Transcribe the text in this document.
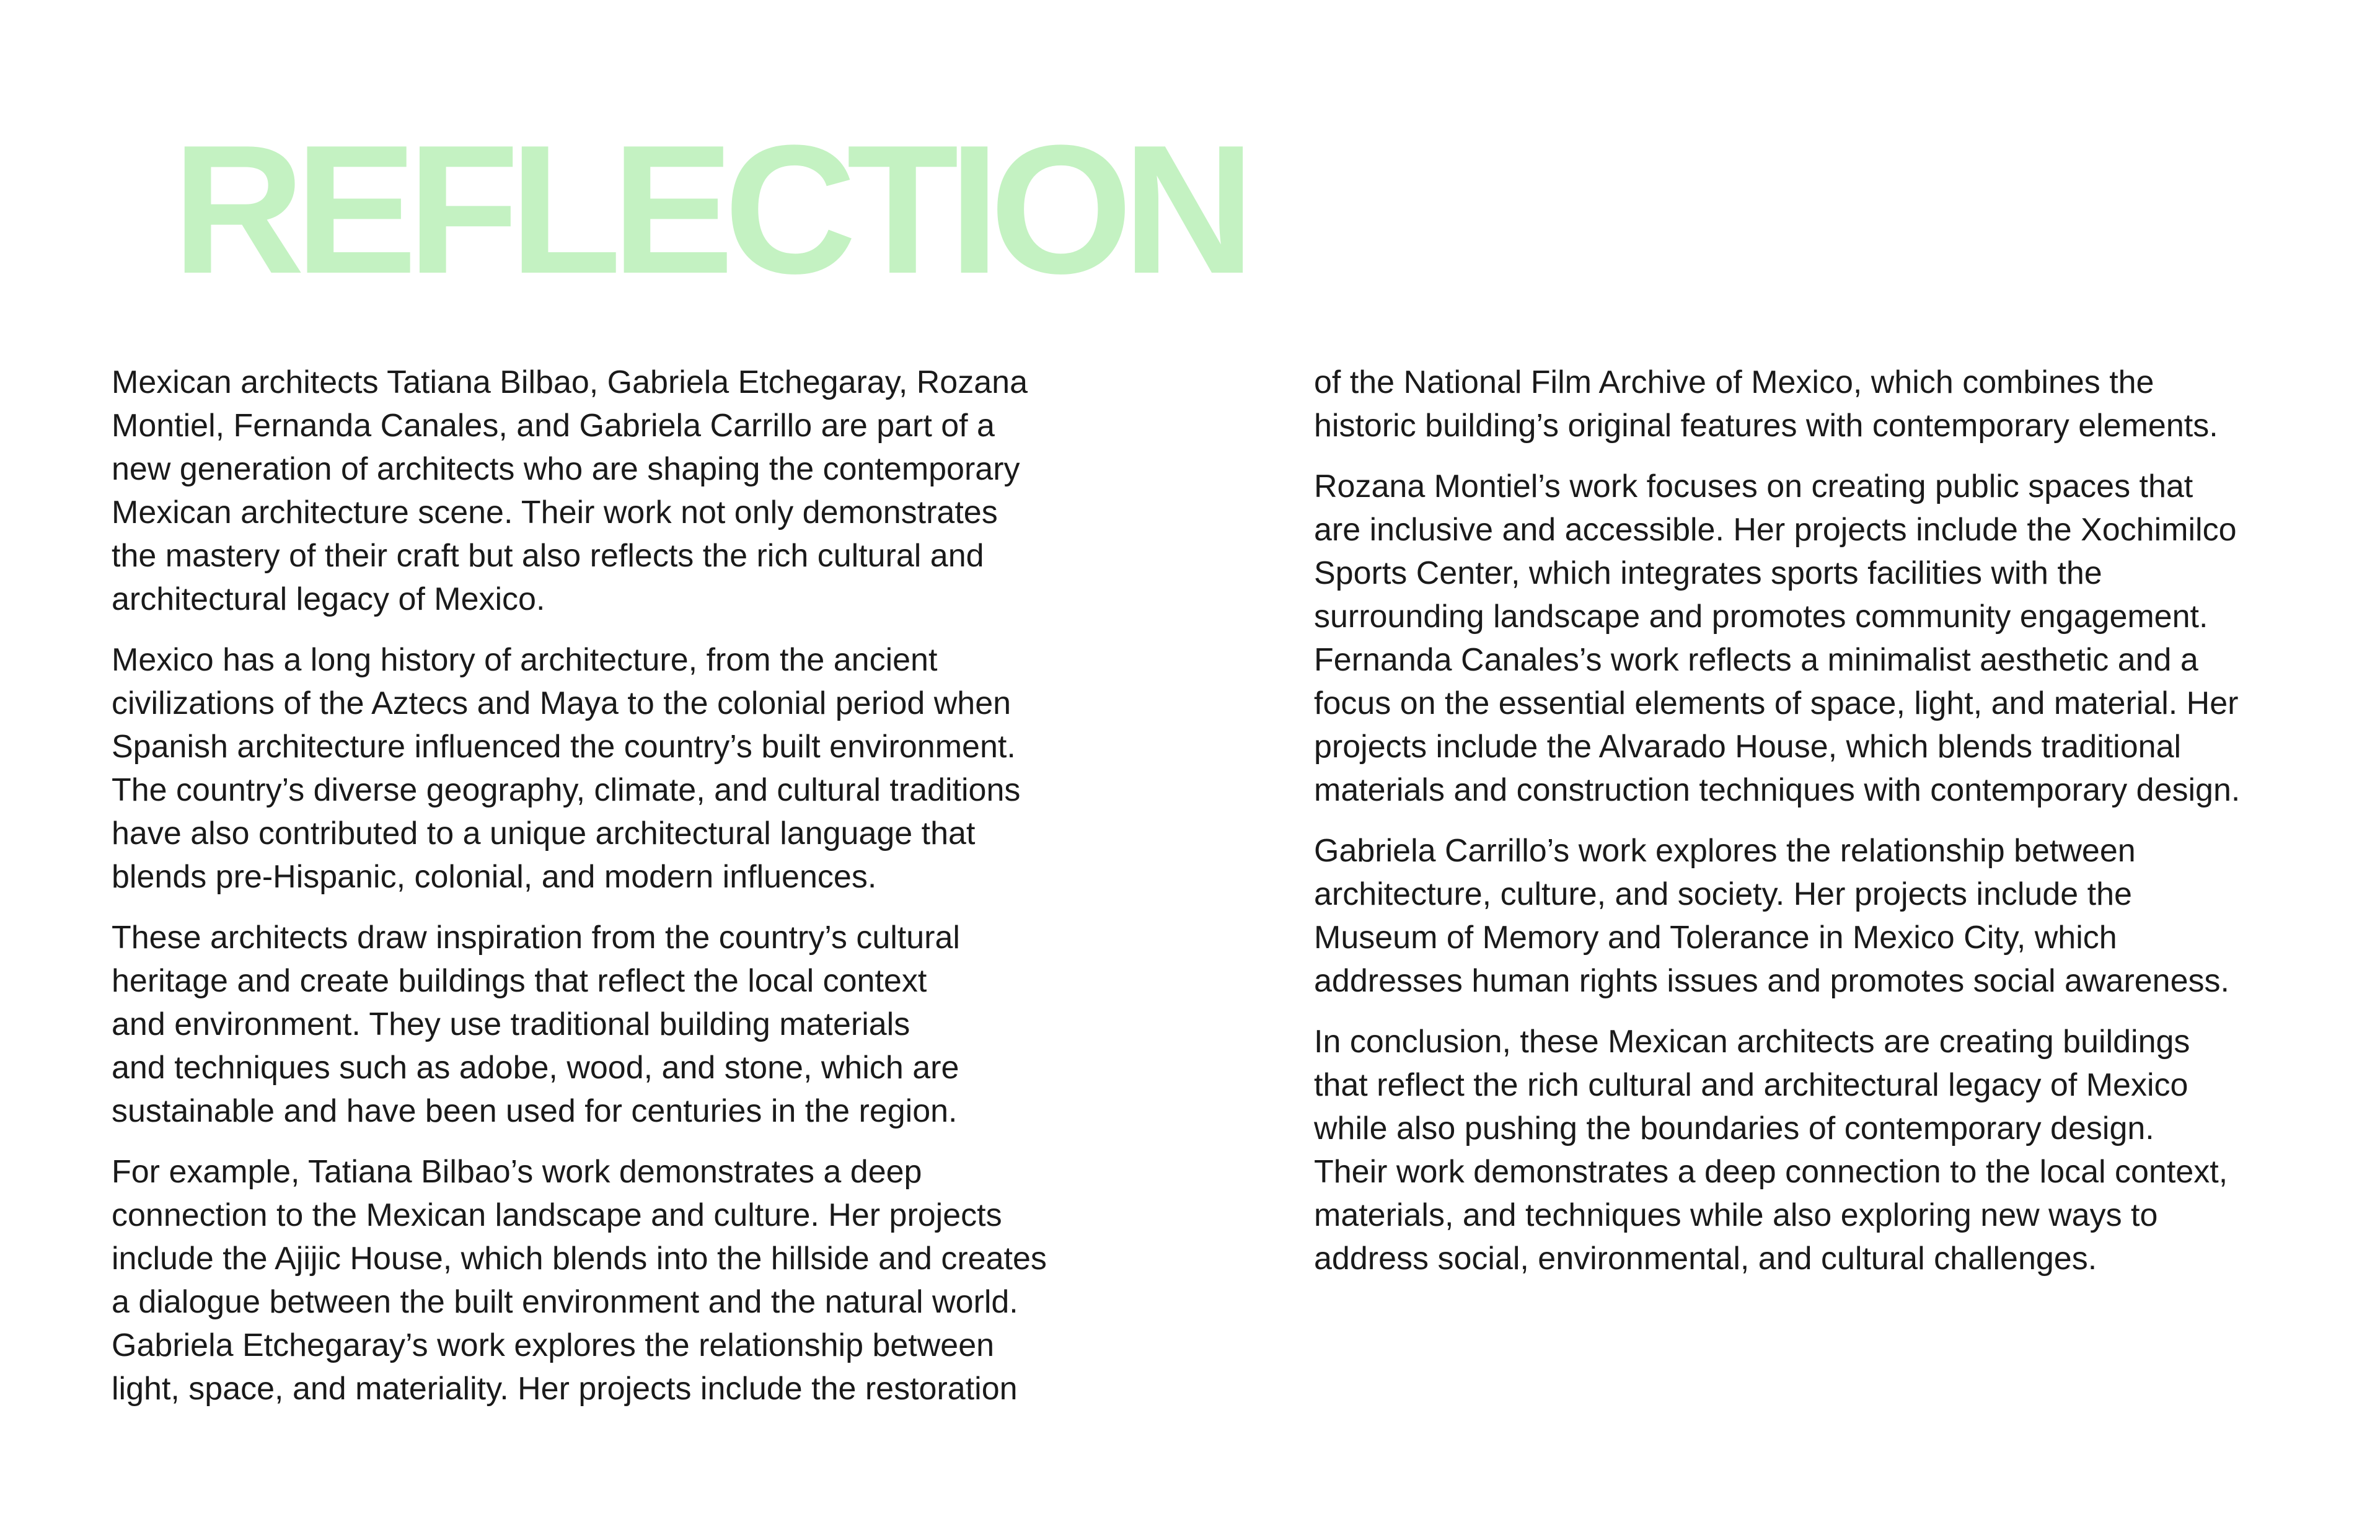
REFLECTION

Mexican architects Tatiana Bilbao, Gabriela Etchegaray, Rozana
Montiel, Fernanda Canales, and Gabriela Carrillo are part of a
new generation of architects who are shaping the contemporary
Mexican architecture scene. Their work not only demonstrates
the mastery of their craft but also reflects the rich cultural and
architectural legacy of Mexico.

Mexico has a long history of architecture, from the ancient
civilizations of the Aztecs and Maya to the colonial period when
Spanish architecture influenced the country’s built environment.
The country’s diverse geography, climate, and cultural traditions
have also contributed to a unique architectural language that
blends pre-Hispanic, colonial, and modern influences.

These architects draw inspiration from the country’s cultural
heritage and create buildings that reflect the local context
and environment. They use traditional building materials
and techniques such as adobe, wood, and stone, which are
sustainable and have been used for centuries in the region.

For example, Tatiana Bilbao’s work demonstrates a deep
connection to the Mexican landscape and culture. Her projects
include the Ajijic House, which blends into the hillside and creates
a dialogue between the built environment and the natural world.
Gabriela Etchegaray’s work explores the relationship between
light, space, and materiality. Her projects include the restoration

of the National Film Archive of Mexico, which combines the
historic building’s original features with contemporary elements.

Rozana Montiel’s work focuses on creating public spaces that
are inclusive and accessible. Her projects include the Xochimilco
Sports Center, which integrates sports facilities with the
surrounding landscape and promotes community engagement.
Fernanda Canales’s work reflects a minimalist aesthetic and a
focus on the essential elements of space, light, and material. Her
projects include the Alvarado House, which blends traditional
materials and construction techniques with contemporary design.

Gabriela Carrillo’s work explores the relationship between
architecture, culture, and society. Her projects include the
Museum of Memory and Tolerance in Mexico City, which
addresses human rights issues and promotes social awareness.

In conclusion, these Mexican architects are creating buildings
that reflect the rich cultural and architectural legacy of Mexico
while also pushing the boundaries of contemporary design.
Their work demonstrates a deep connection to the local context,
materials, and techniques while also exploring new ways to
address social, environmental, and cultural challenges.
